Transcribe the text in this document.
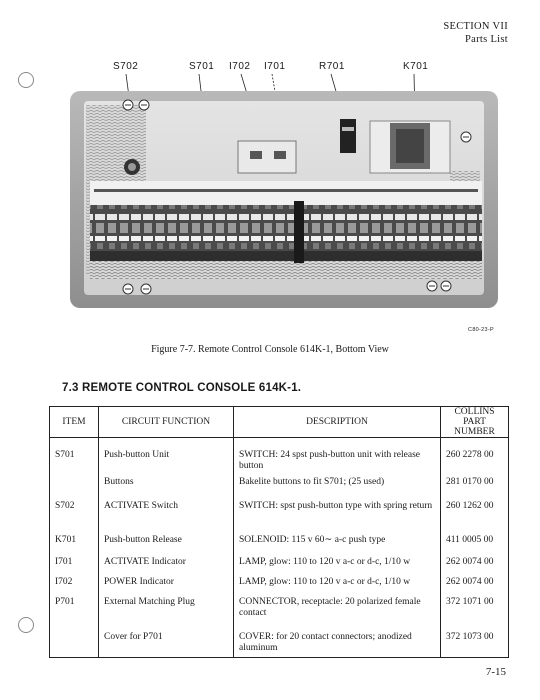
SECTION VII
Parts List
S702	S701 I702 I701	R701	K701
C80-23-P
Figure 7-7. Remote Control Console 614K-1, Bottom View
7.3 REMOTE CONTROL CONSOLE 614K-1.
ITEM	CIRCUIT FUNCTION	DESCRIPTION	COLLINS
PART NUMBER
S701	Push-button Unit	SWITCH: 24 spst push-button unit with release button	260 2278 00
	Buttons	Bakelite buttons to fit S701; (25 used)	281 0170 00
S702	ACTIVATE Switch	SWITCH: spst push-button type with spring return	260 1262 00
K701	Push-button Release	SOLENOID: 115 v 60∼ a-c push type	411 0005 00
I701	ACTIVATE Indicator	LAMP, glow: 110 to 120 v a-c or d-c, 1/10 w	262 0074 00
I702	POWER Indicator	LAMP, glow: 110 to 120 v a-c or d-c, 1/10 w	262 0074 00
P701	External Matching Plug	CONNECTOR, receptacle: 20 polarized female contact	372 1071 00
	Cover for P701	COVER: for 20 contact connectors; anodized aluminum	372 1073 00
7-15
